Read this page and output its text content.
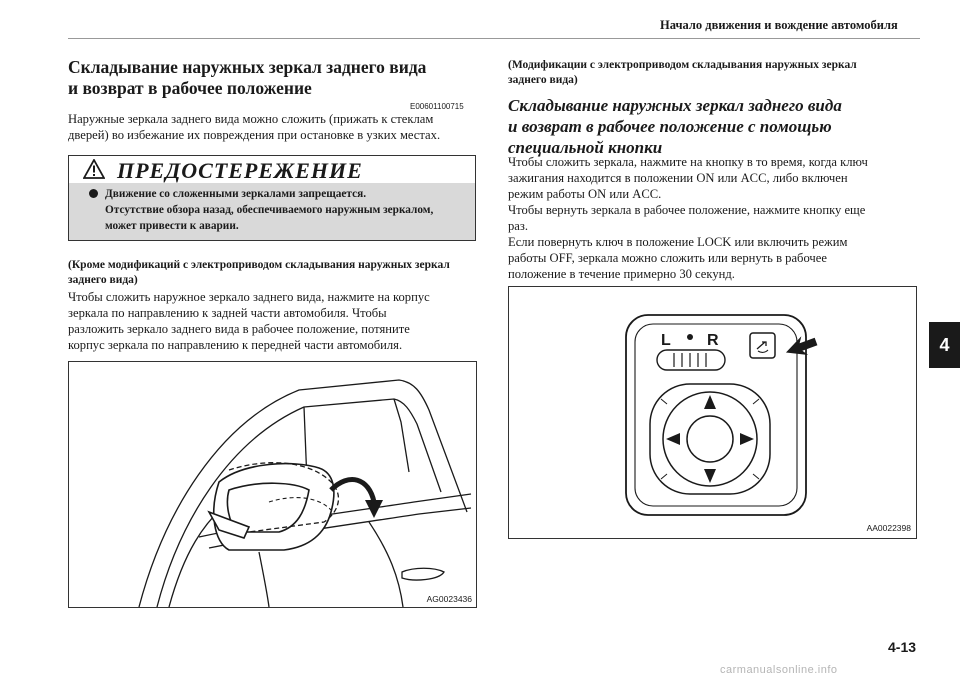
Начало движения и вождение автомобиля
4
Складывание наружных зеркал заднего вида
и возврат в рабочее положение
E00601100715
Наружные зеркала заднего вида можно сложить (прижать к стеклам
дверей) во избежание их повреждения при остановке в узких местах.
ПРЕДОСТЕРЕЖЕНИЕ
Движение со сложенными зеркалами запрещается.
Отсутствие обзора назад, обеспечиваемого наружным зеркалом,
может привести к аварии.
(Кроме модификаций с электроприводом складывания наружных зеркал
заднего вида)
Чтобы сложить наружное зеркало заднего вида, нажмите на корпус
зеркала по направлению к задней части автомобиля. Чтобы
разложить зеркало заднего вида в рабочее положение, потяните
корпус зеркала по направлению к передней части автомобиля.
AG0023436
(Модификации с электроприводом складывания наружных зеркал
заднего вида)
Складывание наружных зеркал заднего вида
и возврат в рабочее положение с помощью
специальной кнопки
Чтобы сложить зеркала, нажмите на кнопку в то время, когда ключ
зажигания находится в положении ON или ACC, либо включен
режим работы ON или ACC.
Чтобы вернуть зеркала в рабочее положение, нажмите кнопку еще
раз.
Если повернуть ключ в положение LOCK или включить режим
работы OFF, зеркала можно сложить или вернуть в рабочее
положение в течение примерно 30 секунд.
L R
AA0022398
4-13
carmanualsonline.info
